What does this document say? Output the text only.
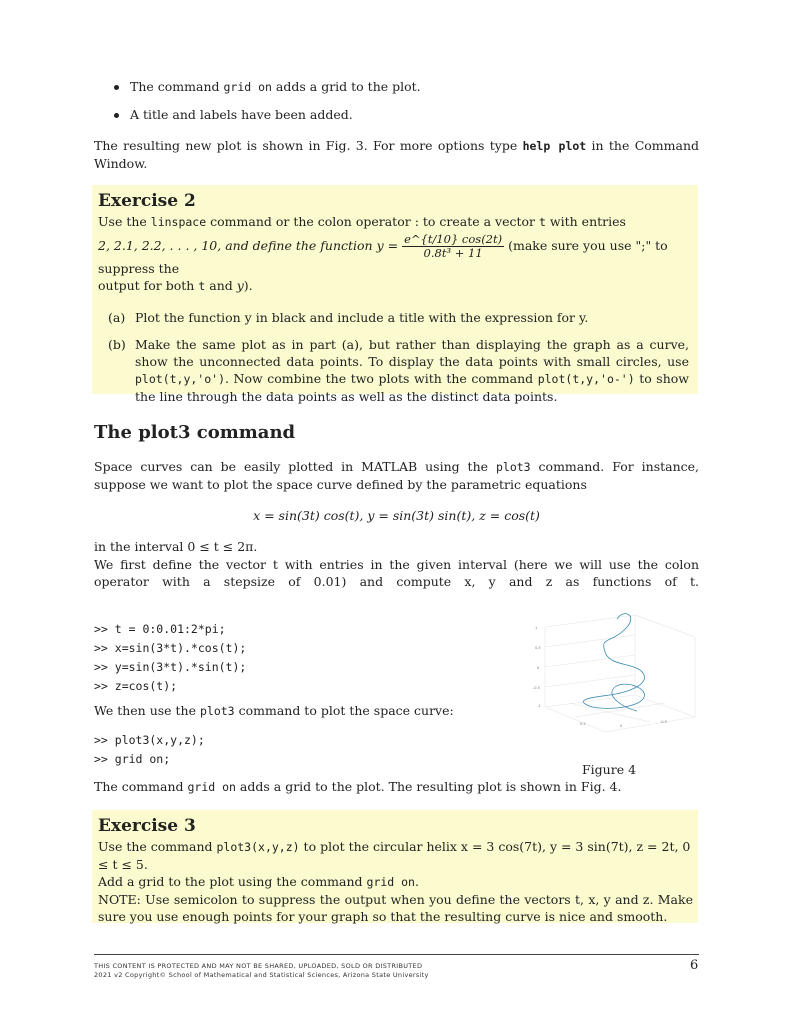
The command grid on adds a grid to the plot.
A title and labels have been added.
The resulting new plot is shown in Fig. 3. For more options type help plot in the Command Window.
Exercise 2
Use the linspace command or the colon operator : to create a vector t with entries
2, 2.1, 2.2, . . . , 10, and define the function $y = \frac{e\^{}\{t/10\} \cos(2t)}{\text{0.8t³ + 11}}$ (make sure you use ";" to suppress the
output for both t and y).
(a) Plot the function y in black and include a title with the expression for y.
(b) Make the same plot as in part (a), but rather than displaying the graph as a curve, show the unconnected data points. To display the data points with small circles, use plot(t,y,'o'). Now combine the two plots with the command plot(t,y,'o-') to show the line through the data points as well as the distinct data points.
The plot3 command
Space curves can be easily plotted in MATLAB using the plot3 command. For instance, suppose we want to plot the space curve defined by the parametric equations
x = sin(3t) cos(t), y = sin(3t) sin(t), z = cos(t)
in the interval 0 ≤ t ≤ 2π.
We first define the vector t with entries in the given interval (here we will use the colon operator with a stepsize of 0.01) and compute x, y and z as functions of t.
>> t = 0:0.01:2*pi;
>> x=sin(3*t).*cos(t);
>> y=sin(3*t).*sin(t);
>> z=cos(t);
We then use the plot3 command to plot the space curve:
>> plot3(x,y,z);
>> grid on;
1
0.5
0
-0.5
-1
0.5	0
-0.5
Figure 4
The command grid on adds a grid to the plot. The resulting plot is shown in Fig. 4.
Exercise 3
Use the command plot3(x,y,z) to plot the circular helix x = 3 cos(7t), y = 3 sin(7t), z = 2t, 0 ≤ t ≤ 5.
Add a grid to the plot using the command grid on.
NOTE: Use semicolon to suppress the output when you define the vectors t, x, y and z. Make sure you use enough points for your graph so that the resulting curve is nice and smooth.
THIS CONTENT IS PROTECTED AND MAY NOT BE SHARED, UPLOADED, SOLD OR DISTRIBUTED
2021 v2 Copyright© School of Mathematical and Statistical Sciences, Arizona State University
6
